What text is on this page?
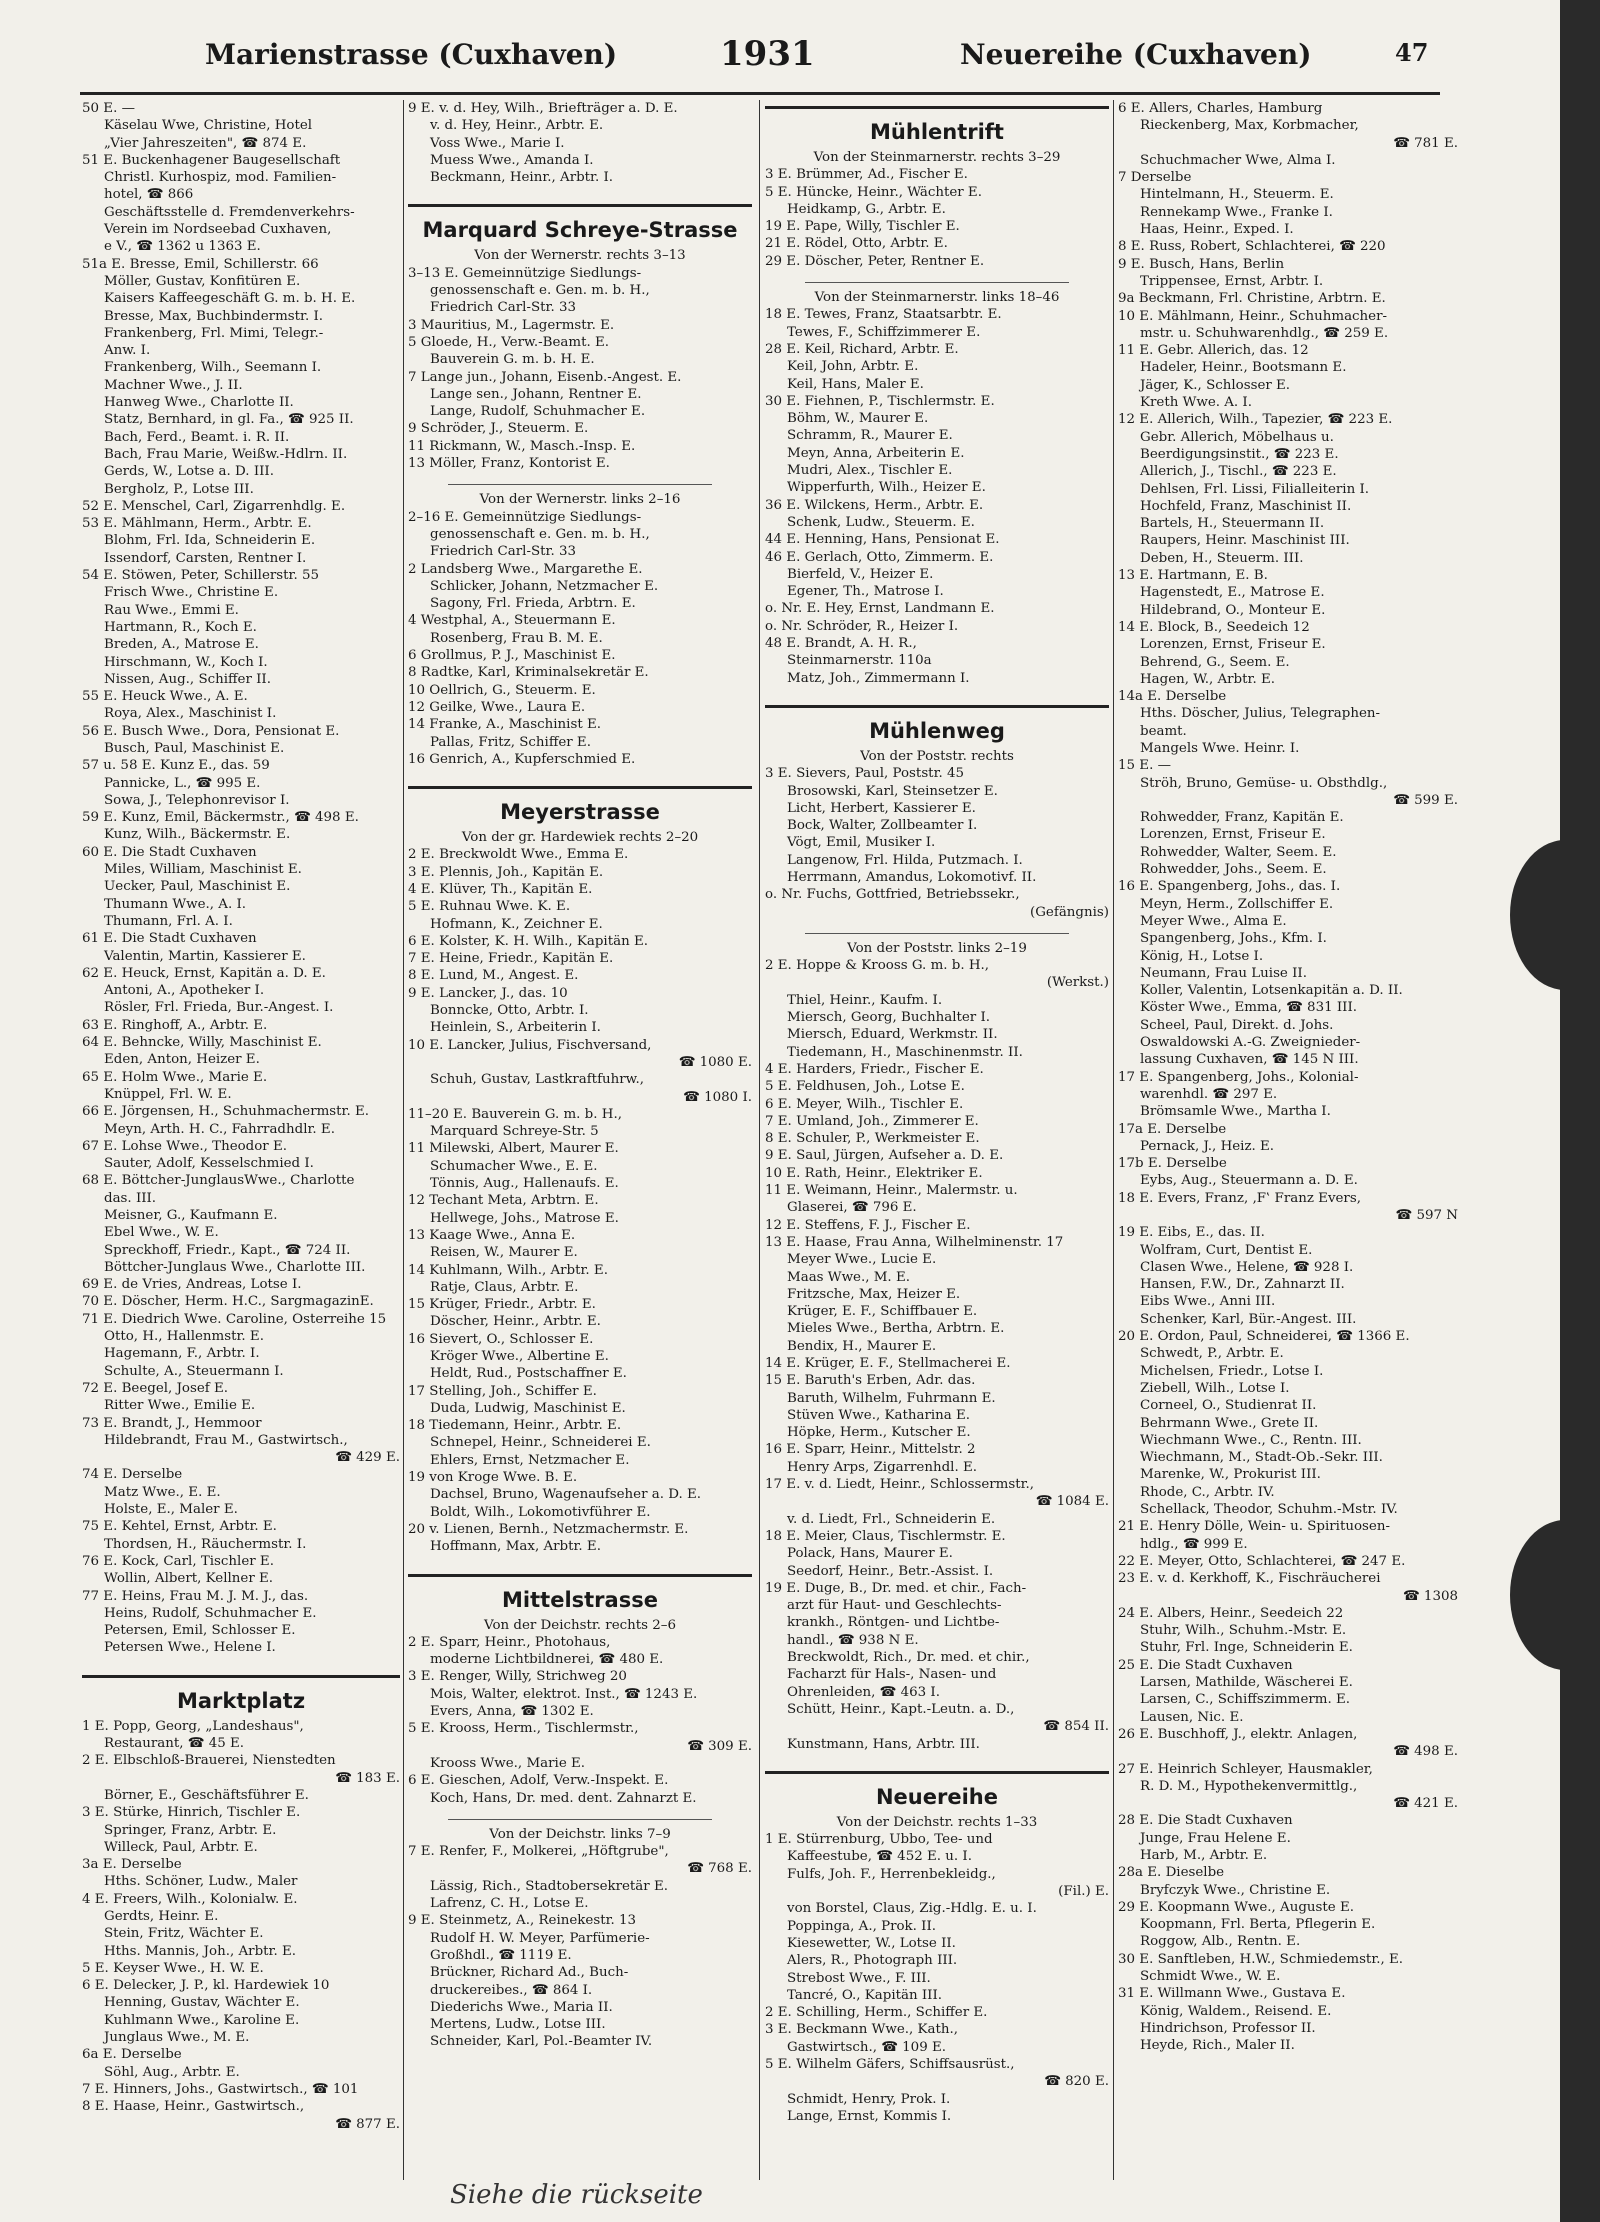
Marienstrasse (Cuxhaven)	1931	Neuereihe (Cuxhaven)	47
50 E. —
Käselau Wwe, Christine, Hotel
„Vier Jahreszeiten", ☎ 874 E.
51 E. Buckenhagener Baugesellschaft
Christl. Kurhospiz, mod. Familien-
hotel, ☎ 866
Geschäftsstelle d. Fremdenverkehrs-
Verein im Nordseebad Cuxhaven,
e V., ☎ 1362 u 1363 E.
51a E. Bresse, Emil, Schillerstr. 66
Möller, Gustav, Konfitüren E.
Kaisers Kaffeegeschäft G. m. b. H. E.
Bresse, Max, Buchbindermstr. I.
Frankenberg, Frl. Mimi, Telegr.-
Anw. I.
Frankenberg, Wilh., Seemann I.
Machner Wwe., J. II.
Hanweg Wwe., Charlotte II.
Statz, Bernhard, in gl. Fa., ☎ 925 II.
Bach, Ferd., Beamt. i. R. II.
Bach, Frau Marie, Weißw.-Hdlrn. II.
Gerds, W., Lotse a. D. III.
Bergholz, P., Lotse III.
52 E. Menschel, Carl, Zigarrenhdlg. E.
53 E. Mählmann, Herm., Arbtr. E.
Blohm, Frl. Ida, Schneiderin E.
Issendorf, Carsten, Rentner I.
54 E. Stöwen, Peter, Schillerstr. 55
Frisch Wwe., Christine E.
Rau Wwe., Emmi E.
Hartmann, R., Koch E.
Breden, A., Matrose E.
Hirschmann, W., Koch I.
Nissen, Aug., Schiffer II.
55 E. Heuck Wwe., A. E.
Roya, Alex., Maschinist I.
56 E. Busch Wwe., Dora, Pensionat E.
Busch, Paul, Maschinist E.
57 u. 58 E. Kunz E., das. 59
Pannicke, L., ☎ 995 E.
Sowa, J., Telephonrevisor I.
59 E. Kunz, Emil, Bäckermstr., ☎ 498 E.
Kunz, Wilh., Bäckermstr. E.
60 E. Die Stadt Cuxhaven
Miles, William, Maschinist E.
Uecker, Paul, Maschinist E.
Thumann Wwe., A. I.
Thumann, Frl. A. I.
61 E. Die Stadt Cuxhaven
Valentin, Martin, Kassierer E.
62 E. Heuck, Ernst, Kapitän a. D. E.
Antoni, A., Apotheker I.
Rösler, Frl. Frieda, Bur.-Angest. I.
63 E. Ringhoff, A., Arbtr. E.
64 E. Behncke, Willy, Maschinist E.
Eden, Anton, Heizer E.
65 E. Holm Wwe., Marie E.
Knüppel, Frl. W. E.
66 E. Jörgensen, H., Schuhmachermstr. E.
Meyn, Arth. H. C., Fahrradhdlr. E.
67 E. Lohse Wwe., Theodor E.
Sauter, Adolf, Kesselschmied I.
68 E. Böttcher-JunglausWwe., Charlotte
das. III.
Meisner, G., Kaufmann E.
Ebel Wwe., W. E.
Spreckhoff, Friedr., Kapt., ☎ 724 II.
Böttcher-Junglaus Wwe., Charlotte III.
69 E. de Vries, Andreas, Lotse I.
70 E. Döscher, Herm. H.C., SargmagazinE.
71 E. Diedrich Wwe. Caroline, Osterreihe 15
Otto, H., Hallenmstr. E.
Hagemann, F., Arbtr. I.
Schulte, A., Steuermann I.
72 E. Beegel, Josef E.
Ritter Wwe., Emilie E.
73 E. Brandt, J., Hemmoor
Hildebrandt, Frau M., Gastwirtsch.,
☎ 429 E.
74 E. Derselbe
Matz Wwe., E. E.
Holste, E., Maler E.
75 E. Kehtel, Ernst, Arbtr. E.
Thordsen, H., Räuchermstr. I.
76 E. Kock, Carl, Tischler E.
Wollin, Albert, Kellner E.
77 E. Heins, Frau M. J. M. J., das.
Heins, Rudolf, Schuhmacher E.
Petersen, Emil, Schlosser E.
Petersen Wwe., Helene I.
Marktplatz
1 E. Popp, Georg, „Landeshaus",
Restaurant, ☎ 45 E.
2 E. Elbschloß-Brauerei, Nienstedten
☎ 183 E.
Börner, E., Geschäftsführer E.
3 E. Stürke, Hinrich, Tischler E.
Springer, Franz, Arbtr. E.
Willeck, Paul, Arbtr. E.
3a E. Derselbe
Hths. Schöner, Ludw., Maler
4 E. Freers, Wilh., Kolonialw. E.
Gerdts, Heinr. E.
Stein, Fritz, Wächter E.
Hths. Mannis, Joh., Arbtr. E.
5 E. Keyser Wwe., H. W. E.
6 E. Delecker, J. P., kl. Hardewiek 10
Henning, Gustav, Wächter E.
Kuhlmann Wwe., Karoline E.
Junglaus Wwe., M. E.
6a E. Derselbe
Söhl, Aug., Arbtr. E.
7 E. Hinners, Johs., Gastwirtsch., ☎ 101
8 E. Haase, Heinr., Gastwirtsch.,
☎ 877 E.
9 E. v. d. Hey, Wilh., Briefträger a. D. E.
v. d. Hey, Heinr., Arbtr. E.
Voss Wwe., Marie I.
Muess Wwe., Amanda I.
Beckmann, Heinr., Arbtr. I.
Marquard Schreye-Strasse
Von der Wernerstr. rechts 3–13
3–13 E. Gemeinnützige Siedlungs-
genossenschaft e. Gen. m. b. H.,
Friedrich Carl-Str. 33
3 Mauritius, M., Lagermstr. E.
5 Gloede, H., Verw.-Beamt. E.
Bauverein G. m. b. H. E.
7 Lange jun., Johann, Eisenb.-Angest. E.
Lange sen., Johann, Rentner E.
Lange, Rudolf, Schuhmacher E.
9 Schröder, J., Steuerm. E.
11 Rickmann, W., Masch.-Insp. E.
13 Möller, Franz, Kontorist E.
Von der Wernerstr. links 2–16
2–16 E. Gemeinnützige Siedlungs-
genossenschaft e. Gen. m. b. H.,
Friedrich Carl-Str. 33
2 Landsberg Wwe., Margarethe E.
Schlicker, Johann, Netzmacher E.
Sagony, Frl. Frieda, Arbtrn. E.
4 Westphal, A., Steuermann E.
Rosenberg, Frau B. M. E.
6 Grollmus, P. J., Maschinist E.
8 Radtke, Karl, Kriminalsekretär E.
10 Oellrich, G., Steuerm. E.
12 Geilke, Wwe., Laura E.
14 Franke, A., Maschinist E.
Pallas, Fritz, Schiffer E.
16 Genrich, A., Kupferschmied E.
Meyerstrasse
Von der gr. Hardewiek rechts 2–20
2 E. Breckwoldt Wwe., Emma E.
3 E. Plennis, Joh., Kapitän E.
4 E. Klüver, Th., Kapitän E.
5 E. Ruhnau Wwe. K. E.
Hofmann, K., Zeichner E.
6 E. Kolster, K. H. Wilh., Kapitän E.
7 E. Heine, Friedr., Kapitän E.
8 E. Lund, M., Angest. E.
9 E. Lancker, J., das. 10
Bonncke, Otto, Arbtr. I.
Heinlein, S., Arbeiterin I.
10 E. Lancker, Julius, Fischversand,
☎ 1080 E.
Schuh, Gustav, Lastkraftfuhrw.,
☎ 1080 I.
11–20 E. Bauverein G. m. b. H.,
Marquard Schreye-Str. 5
11 Milewski, Albert, Maurer E.
Schumacher Wwe., E. E.
Tönnis, Aug., Hallenaufs. E.
12 Techant Meta, Arbtrn. E.
Hellwege, Johs., Matrose E.
13 Kaage Wwe., Anna E.
Reisen, W., Maurer E.
14 Kuhlmann, Wilh., Arbtr. E.
Ratje, Claus, Arbtr. E.
15 Krüger, Friedr., Arbtr. E.
Döscher, Heinr., Arbtr. E.
16 Sievert, O., Schlosser E.
Kröger Wwe., Albertine E.
Heldt, Rud., Postschaffner E.
17 Stelling, Joh., Schiffer E.
Duda, Ludwig, Maschinist E.
18 Tiedemann, Heinr., Arbtr. E.
Schnepel, Heinr., Schneiderei E.
Ehlers, Ernst, Netzmacher E.
19 von Kroge Wwe. B. E.
Dachsel, Bruno, Wagenaufseher a. D. E.
Boldt, Wilh., Lokomotivführer E.
20 v. Lienen, Bernh., Netzmachermstr. E.
Hoffmann, Max, Arbtr. E.
Mittelstrasse
Von der Deichstr. rechts 2–6
2 E. Sparr, Heinr., Photohaus,
moderne Lichtbildnerei, ☎ 480 E.
3 E. Renger, Willy, Strichweg 20
Mois, Walter, elektrot. Inst., ☎ 1243 E.
Evers, Anna, ☎ 1302 E.
5 E. Krooss, Herm., Tischlermstr.,
☎ 309 E.
Krooss Wwe., Marie E.
6 E. Gieschen, Adolf, Verw.-Inspekt. E.
Koch, Hans, Dr. med. dent. Zahnarzt E.
Von der Deichstr. links 7–9
7 E. Renfer, F., Molkerei, „Höftgrube",
☎ 768 E.
Lässig, Rich., Stadtobersekretär E.
Lafrenz, C. H., Lotse E.
9 E. Steinmetz, A., Reinekestr. 13
Rudolf H. W. Meyer, Parfümerie-
Großhdl., ☎ 1119 E.
Brückner, Richard Ad., Buch-
druckereibes., ☎ 864 I.
Diederichs Wwe., Maria II.
Mertens, Ludw., Lotse III.
Schneider, Karl, Pol.-Beamter IV.
Mühlentrift
Von der Steinmarnerstr. rechts 3–29
3 E. Brümmer, Ad., Fischer E.
5 E. Hüncke, Heinr., Wächter E.
Heidkamp, G., Arbtr. E.
19 E. Pape, Willy, Tischler E.
21 E. Rödel, Otto, Arbtr. E.
29 E. Döscher, Peter, Rentner E.
Von der Steinmarnerstr. links 18–46
18 E. Tewes, Franz, Staatsarbtr. E.
Tewes, F., Schiffzimmerer E.
28 E. Keil, Richard, Arbtr. E.
Keil, John, Arbtr. E.
Keil, Hans, Maler E.
30 E. Fiehnen, P., Tischlermstr. E.
Böhm, W., Maurer E.
Schramm, R., Maurer E.
Meyn, Anna, Arbeiterin E.
Mudri, Alex., Tischler E.
Wipperfurth, Wilh., Heizer E.
36 E. Wilckens, Herm., Arbtr. E.
Schenk, Ludw., Steuerm. E.
44 E. Henning, Hans, Pensionat E.
46 E. Gerlach, Otto, Zimmerm. E.
Bierfeld, V., Heizer E.
Egener, Th., Matrose I.
o. Nr. E. Hey, Ernst, Landmann E.
o. Nr. Schröder, R., Heizer I.
48 E. Brandt, A. H. R.,
Steinmarnerstr. 110a
Matz, Joh., Zimmermann I.
Mühlenweg
Von der Poststr. rechts
3 E. Sievers, Paul, Poststr. 45
Brosowski, Karl, Steinsetzer E.
Licht, Herbert, Kassierer E.
Bock, Walter, Zollbeamter I.
Vögt, Emil, Musiker I.
Langenow, Frl. Hilda, Putzmach. I.
Herrmann, Amandus, Lokomotivf. II.
o. Nr. Fuchs, Gottfried, Betriebssekr.,
(Gefängnis)
Von der Poststr. links 2–19
2 E. Hoppe & Krooss G. m. b. H.,
(Werkst.)
Thiel, Heinr., Kaufm. I.
Miersch, Georg, Buchhalter I.
Miersch, Eduard, Werkmstr. II.
Tiedemann, H., Maschinenmstr. II.
4 E. Harders, Friedr., Fischer E.
5 E. Feldhusen, Joh., Lotse E.
6 E. Meyer, Wilh., Tischler E.
7 E. Umland, Joh., Zimmerer E.
8 E. Schuler, P., Werkmeister E.
9 E. Saul, Jürgen, Aufseher a. D. E.
10 E. Rath, Heinr., Elektriker E.
11 E. Weimann, Heinr., Malermstr. u.
Glaserei, ☎ 796 E.
12 E. Steffens, F. J., Fischer E.
13 E. Haase, Frau Anna, Wilhelminenstr. 17
Meyer Wwe., Lucie E.
Maas Wwe., M. E.
Fritzsche, Max, Heizer E.
Krüger, E. F., Schiffbauer E.
Mieles Wwe., Bertha, Arbtrn. E.
Bendix, H., Maurer E.
14 E. Krüger, E. F., Stellmacherei E.
15 E. Baruth's Erben, Adr. das.
Baruth, Wilhelm, Fuhrmann E.
Stüven Wwe., Katharina E.
Höpke, Herm., Kutscher E.
16 E. Sparr, Heinr., Mittelstr. 2
Henry Arps, Zigarrenhdl. E.
17 E. v. d. Liedt, Heinr., Schlossermstr.,
☎ 1084 E.
v. d. Liedt, Frl., Schneiderin E.
18 E. Meier, Claus, Tischlermstr. E.
Polack, Hans, Maurer E.
Seedorf, Heinr., Betr.-Assist. I.
19 E. Duge, B., Dr. med. et chir., Fach-
arzt für Haut- und Geschlechts-
krankh., Röntgen- und Lichtbe-
handl., ☎ 938 N E.
Breckwoldt, Rich., Dr. med. et chir.,
Facharzt für Hals-, Nasen- und
Ohrenleiden, ☎ 463 I.
Schütt, Heinr., Kapt.-Leutn. a. D.,
☎ 854 II.
Kunstmann, Hans, Arbtr. III.
Neuereihe
Von der Deichstr. rechts 1–33
1 E. Stürrenburg, Ubbo, Tee- und
Kaffeestube, ☎ 452 E. u. I.
Fulfs, Joh. F., Herrenbekleidg.,
(Fil.) E.
von Borstel, Claus, Zig.-Hdlg. E. u. I.
Poppinga, A., Prok. II.
Kiesewetter, W., Lotse II.
Alers, R., Photograph III.
Strebost Wwe., F. III.
Tancré, O., Kapitän III.
2 E. Schilling, Herm., Schiffer E.
3 E. Beckmann Wwe., Kath.,
Gastwirtsch., ☎ 109 E.
5 E. Wilhelm Gäfers, Schiffsausrüst.,
☎ 820 E.
Schmidt, Henry, Prok. I.
Lange, Ernst, Kommis I.
6 E. Allers, Charles, Hamburg
Rieckenberg, Max, Korbmacher,
☎ 781 E.
Schuchmacher Wwe, Alma I.
7 Derselbe
Hintelmann, H., Steuerm. E.
Rennekamp Wwe., Franke I.
Haas, Heinr., Exped. I.
8 E. Russ, Robert, Schlachterei, ☎ 220
9 E. Busch, Hans, Berlin
Trippensee, Ernst, Arbtr. I.
9a Beckmann, Frl. Christine, Arbtrn. E.
10 E. Mählmann, Heinr., Schuhmacher-
mstr. u. Schuhwarenhdlg., ☎ 259 E.
11 E. Gebr. Allerich, das. 12
Hadeler, Heinr., Bootsmann E.
Jäger, K., Schlosser E.
Kreth Wwe. A. I.
12 E. Allerich, Wilh., Tapezier, ☎ 223 E.
Gebr. Allerich, Möbelhaus u.
Beerdigungsinstit., ☎ 223 E.
Allerich, J., Tischl., ☎ 223 E.
Dehlsen, Frl. Lissi, Filialleiterin I.
Hochfeld, Franz, Maschinist II.
Bartels, H., Steuermann II.
Raupers, Heinr. Maschinist III.
Deben, H., Steuerm. III.
13 E. Hartmann, E. B.
Hagenstedt, E., Matrose E.
Hildebrand, O., Monteur E.
14 E. Block, B., Seedeich 12
Lorenzen, Ernst, Friseur E.
Behrend, G., Seem. E.
Hagen, W., Arbtr. E.
14a E. Derselbe
Hths. Döscher, Julius, Telegraphen-
beamt.
Mangels Wwe. Heinr. I.
15 E. —
Ströh, Bruno, Gemüse- u. Obsthdlg.,
☎ 599 E.
Rohwedder, Franz, Kapitän E.
Lorenzen, Ernst, Friseur E.
Rohwedder, Walter, Seem. E.
Rohwedder, Johs., Seem. E.
16 E. Spangenberg, Johs., das. I.
Meyn, Herm., Zollschiffer E.
Meyer Wwe., Alma E.
Spangenberg, Johs., Kfm. I.
König, H., Lotse I.
Neumann, Frau Luise II.
Koller, Valentin, Lotsenkapitän a. D. II.
Köster Wwe., Emma, ☎ 831 III.
Scheel, Paul, Direkt. d. Johs.
Oswaldowski A.-G. Zweignieder-
lassung Cuxhaven, ☎ 145 N III.
17 E. Spangenberg, Johs., Kolonial-
warenhdl. ☎ 297 E.
Brömsamle Wwe., Martha I.
17a E. Derselbe
Pernack, J., Heiz. E.
17b E. Derselbe
Eybs, Aug., Steuermann a. D. E.
18 E. Evers, Franz, ‚F‛ Franz Evers,
☎ 597 N
19 E. Eibs, E., das. II.
Wolfram, Curt, Dentist E.
Clasen Wwe., Helene, ☎ 928 I.
Hansen, F.W., Dr., Zahnarzt II.
Eibs Wwe., Anni III.
Schenker, Karl, Bür.-Angest. III.
20 E. Ordon, Paul, Schneiderei, ☎ 1366 E.
Schwedt, P., Arbtr. E.
Michelsen, Friedr., Lotse I.
Ziebell, Wilh., Lotse I.
Corneel, O., Studienrat II.
Behrmann Wwe., Grete II.
Wiechmann Wwe., C., Rentn. III.
Wiechmann, M., Stadt-Ob.-Sekr. III.
Marenke, W., Prokurist III.
Rhode, C., Arbtr. IV.
Schellack, Theodor, Schuhm.-Mstr. IV.
21 E. Henry Dölle, Wein- u. Spirituosen-
hdlg., ☎ 999 E.
22 E. Meyer, Otto, Schlachterei, ☎ 247 E.
23 E. v. d. Kerkhoff, K., Fischräucherei
☎ 1308
24 E. Albers, Heinr., Seedeich 22
Stuhr, Wilh., Schuhm.-Mstr. E.
Stuhr, Frl. Inge, Schneiderin E.
25 E. Die Stadt Cuxhaven
Larsen, Mathilde, Wäscherei E.
Larsen, C., Schiffszimmerm. E.
Lausen, Nic. E.
26 E. Buschhoff, J., elektr. Anlagen,
☎ 498 E.
27 E. Heinrich Schleyer, Hausmakler,
R. D. M., Hypothekenvermittlg.,
☎ 421 E.
28 E. Die Stadt Cuxhaven
Junge, Frau Helene E.
Harb, M., Arbtr. E.
28a E. Dieselbe
Bryfczyk Wwe., Christine E.
29 E. Koopmann Wwe., Auguste E.
Koopmann, Frl. Berta, Pflegerin E.
Roggow, Alb., Rentn. E.
30 E. Sanftleben, H.W., Schmiedemstr., E.
Schmidt Wwe., W. E.
31 E. Willmann Wwe., Gustava E.
König, Waldem., Reisend. E.
Hindrichson, Professor II.
Heyde, Rich., Maler II.
Siehe die rückseite
